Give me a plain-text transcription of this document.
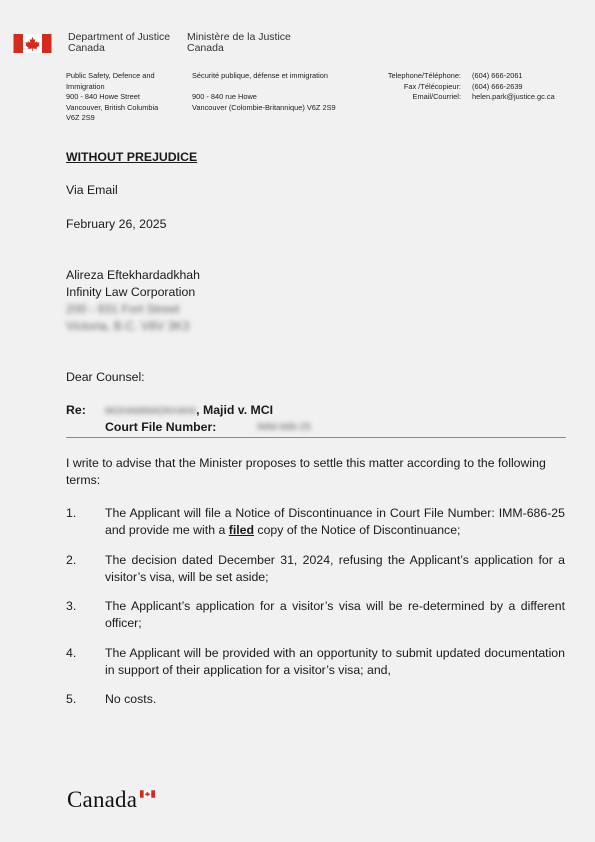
Department of Justice
Canada
Ministère de la Justice
Canada
Public Safety, Defence and
Immigration
900 - 840 Howe Street
Vancouver, British Columbia
V6Z 2S9
Sécurité publique, défense et immigration
900 - 840 rue Howe
Vancouver (Colombie-Britannique) V6Z 2S9
Telephone/Téléphone:
Fax /Télécopieur:
Email/Courriel:
(604) 666-2061
(604) 666-2639
helen.park@justice.gc.ca
WITHOUT PREJUDICE
Via Email
February 26, 2025
Alireza Eftekhardadkhah
Infinity Law Corporation
200 - 931 Fort Street
Victoria, B.C. V8V 3K3
Dear Counsel:
Re: MOHAMMADKHANI, Majid v. MCI
Court File Number:	IMM-686-25
I write to advise that the Minister proposes to settle this matter according to the following terms:
1. The Applicant will file a Notice of Discontinuance in Court File Number: IMM-686-25 and provide me with a filed copy of the Notice of Discontinuance;
2. The decision dated December 31, 2024, refusing the Applicant’s application for a visitor’s visa, will be set aside;
3. The Applicant’s application for a visitor’s visa will be re-determined by a different officer;
4. The Applicant will be provided with an opportunity to submit updated documentation in support of their application for a visitor’s visa; and,
5. No costs.
Canada
